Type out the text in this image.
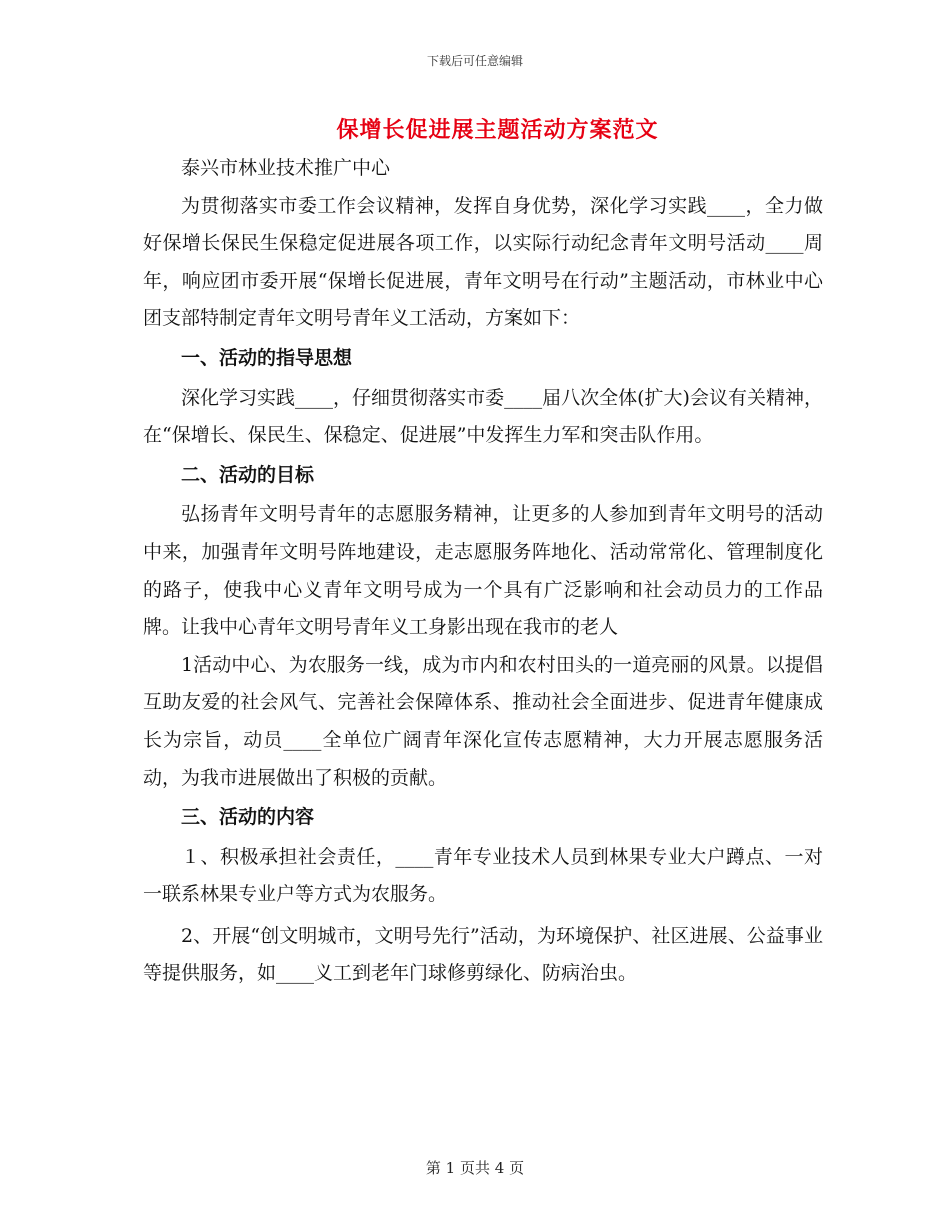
下载后可任意编辑
保增长促进展主题活动方案范文

泰兴市林业技术推广中心

为贯彻落实市委工作会议精神，发挥自身优势，深化学习实践____，全力做好保增长保民生保稳定促进展各项工作，以实际行动纪念青年文明号活动____周年，响应团市委开展“保增长促进展，青年文明号在行动”主题活动，市林业中心团支部特制定青年文明号青年义工活动，方案如下：

一、活动的指导思想

深化学习实践____，仔细贯彻落实市委____届八次全体(扩大)会议有关精神，在“保增长、保民生、保稳定、促进展”中发挥生力军和突击队作用。

二、活动的目标

弘扬青年文明号青年的志愿服务精神，让更多的人参加到青年文明号的活动中来，加强青年文明号阵地建设，走志愿服务阵地化、活动常常化、管理制度化的路子，使我中心义青年文明号成为一个具有广泛影响和社会动员力的工作品牌。让我中心青年文明号青年义工身影出现在我市的老人

1活动中心、为农服务一线，成为市内和农村田头的一道亮丽的风景。以提倡互助友爱的社会风气、完善社会保障体系、推动社会全面进步、促进青年健康成长为宗旨，动员____全单位广阔青年深化宣传志愿精神，大力开展志愿服务活动，为我市进展做出了积极的贡献。

三、活动的内容

１、积极承担社会责任，____青年专业技术人员到林果专业大户蹲点、一对一联系林果专业户等方式为农服务。

2、开展“创文明城市，文明号先行”活动，为环境保护、社区进展、公益事业等提供服务，如____义工到老年门球修剪绿化、防病治虫。

第 1 页共 4 页
